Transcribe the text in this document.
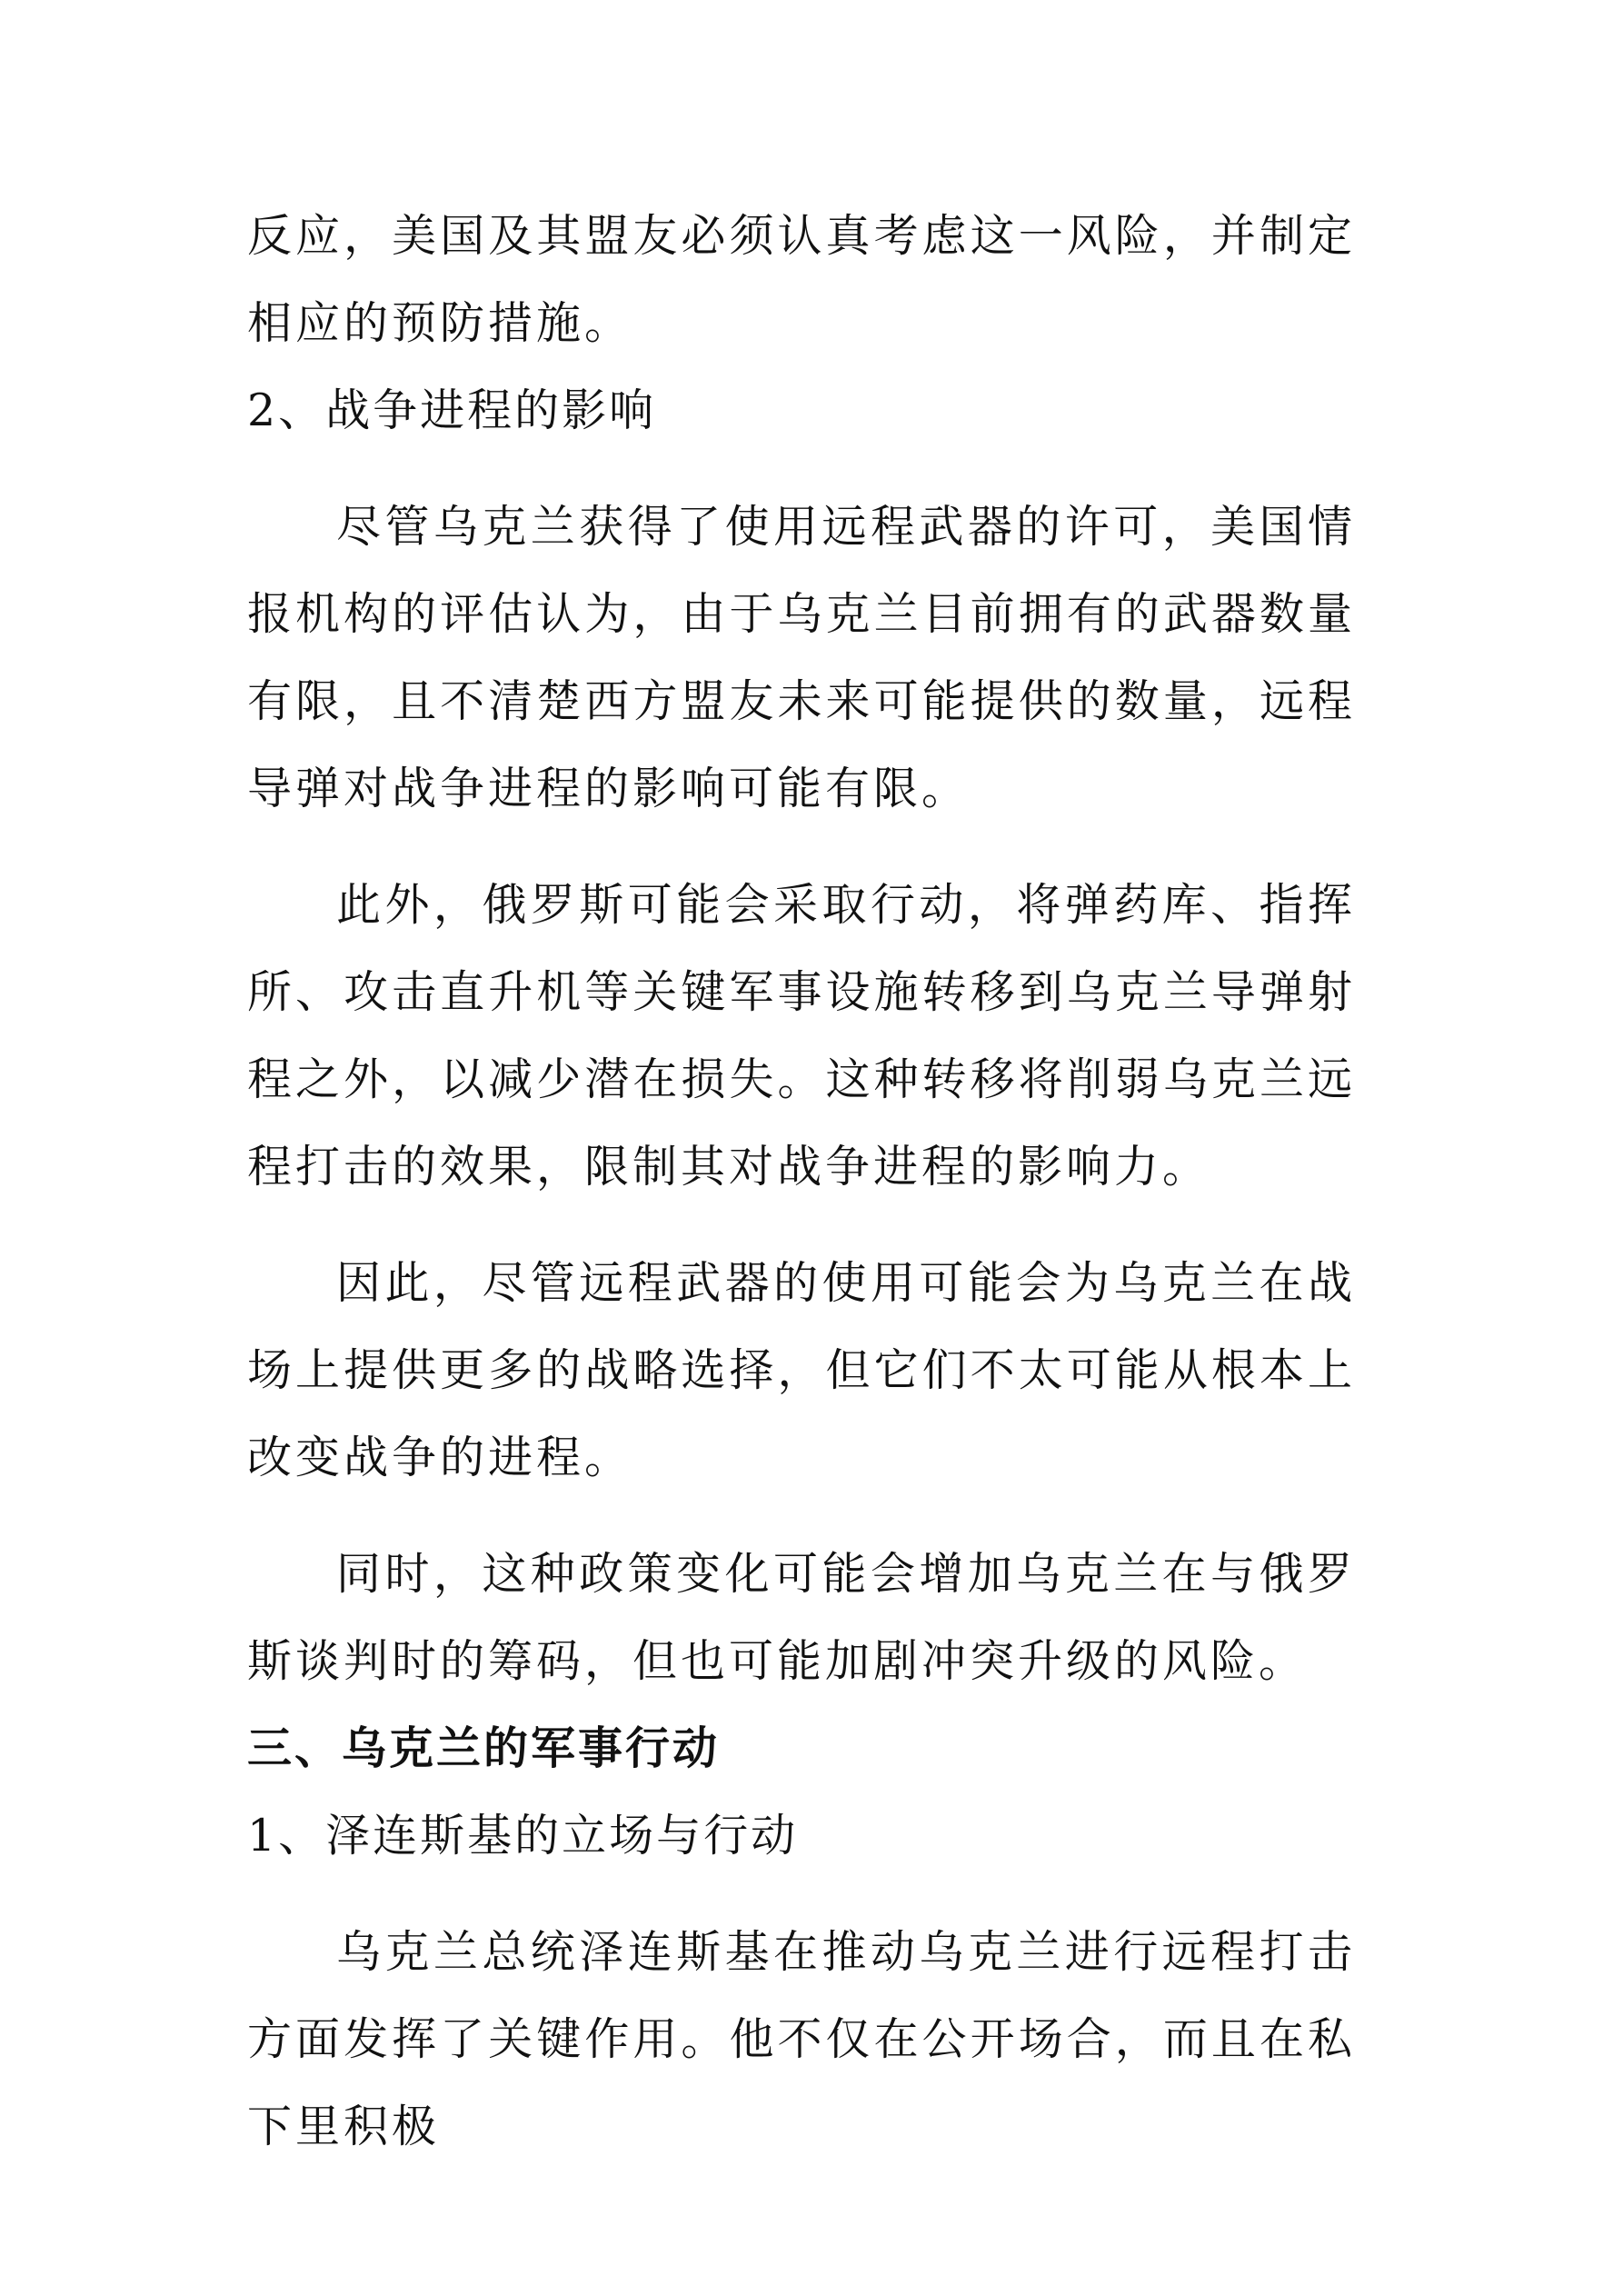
反应，美国及其盟友必须认真考虑这一风险，并制定相应的预防措施。

2、战争进程的影响

尽管乌克兰获得了使用远程武器的许可，美国情报机构的评估认为，由于乌克兰目前拥有的武器数量有限，且不清楚西方盟友未来可能提供的数量，远程导弹对战争进程的影响可能有限。

此外，俄罗斯可能会采取行动，将弹药库、指挥所、攻击直升机等关键军事设施转移到乌克兰导弹射程之外，以减少潜在损失。这种转移将削弱乌克兰远程打击的效果，限制其对战争进程的影响力。

因此，尽管远程武器的使用可能会为乌克兰在战场上提供更多的战略选择，但它们不太可能从根本上改变战争的进程。

同时，这种政策变化可能会增加乌克兰在与俄罗斯谈判时的筹码，但也可能加剧冲突升级的风险。

三、乌克兰的军事行动

1、泽连斯基的立场与行动

乌克兰总统泽连斯基在推动乌克兰进行远程打击方面发挥了关键作用。他不仅在公开场合，而且在私下里积极
